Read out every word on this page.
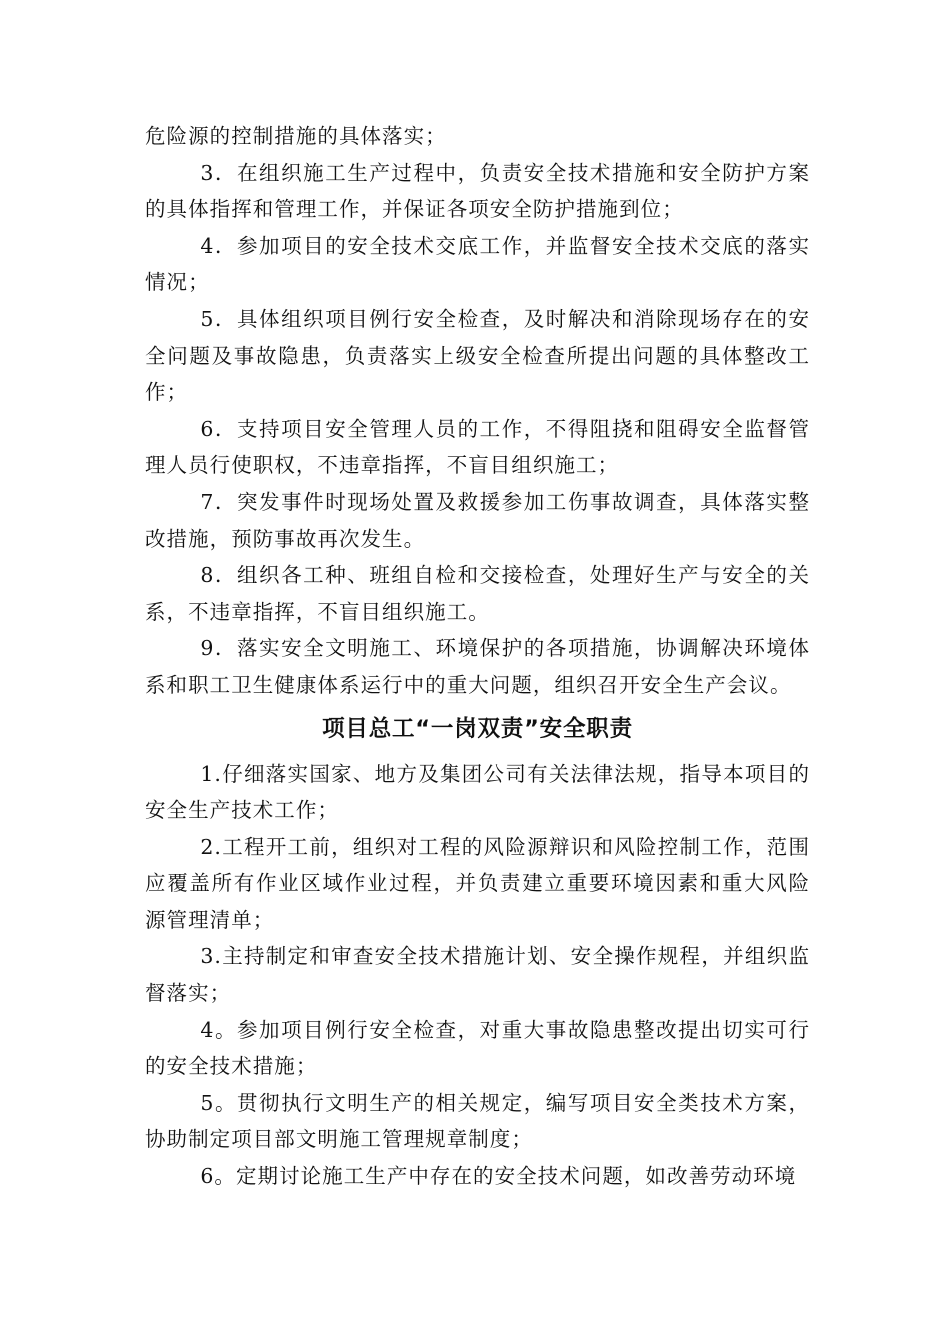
危险源的控制措施的具体落实；

3．在组织施工生产过程中，负责安全技术措施和安全防护方案的具体指挥和管理工作，并保证各项安全防护措施到位；

4．参加项目的安全技术交底工作，并监督安全技术交底的落实情况；

5．具体组织项目例行安全检查，及时解决和消除现场存在的安全问题及事故隐患，负责落实上级安全检查所提出问题的具体整改工作；

6．支持项目安全管理人员的工作，不得阻挠和阻碍安全监督管理人员行使职权，不违章指挥，不盲目组织施工；

7．突发事件时现场处置及救援参加工伤事故调查，具体落实整改措施，预防事故再次发生。

8．组织各工种、班组自检和交接检查，处理好生产与安全的关系，不违章指挥，不盲目组织施工。

9．落实安全文明施工、环境保护的各项措施，协调解决环境体系和职工卫生健康体系运行中的重大问题，组织召开安全生产会议。

项目总工“一岗双责”安全职责

1.仔细落实国家、地方及集团公司有关法律法规，指导本项目的安全生产技术工作；

2.工程开工前，组织对工程的风险源辩识和风险控制工作，范围应覆盖所有作业区域作业过程，并负责建立重要环境因素和重大风险源管理清单；

3.主持制定和审查安全技术措施计划、安全操作规程，并组织监督落实；

4。参加项目例行安全检查，对重大事故隐患整改提出切实可行的安全技术措施；

5。贯彻执行文明生产的相关规定，编写项目安全类技术方案，协助制定项目部文明施工管理规章制度；

6。定期讨论施工生产中存在的安全技术问题，如改善劳动环境
